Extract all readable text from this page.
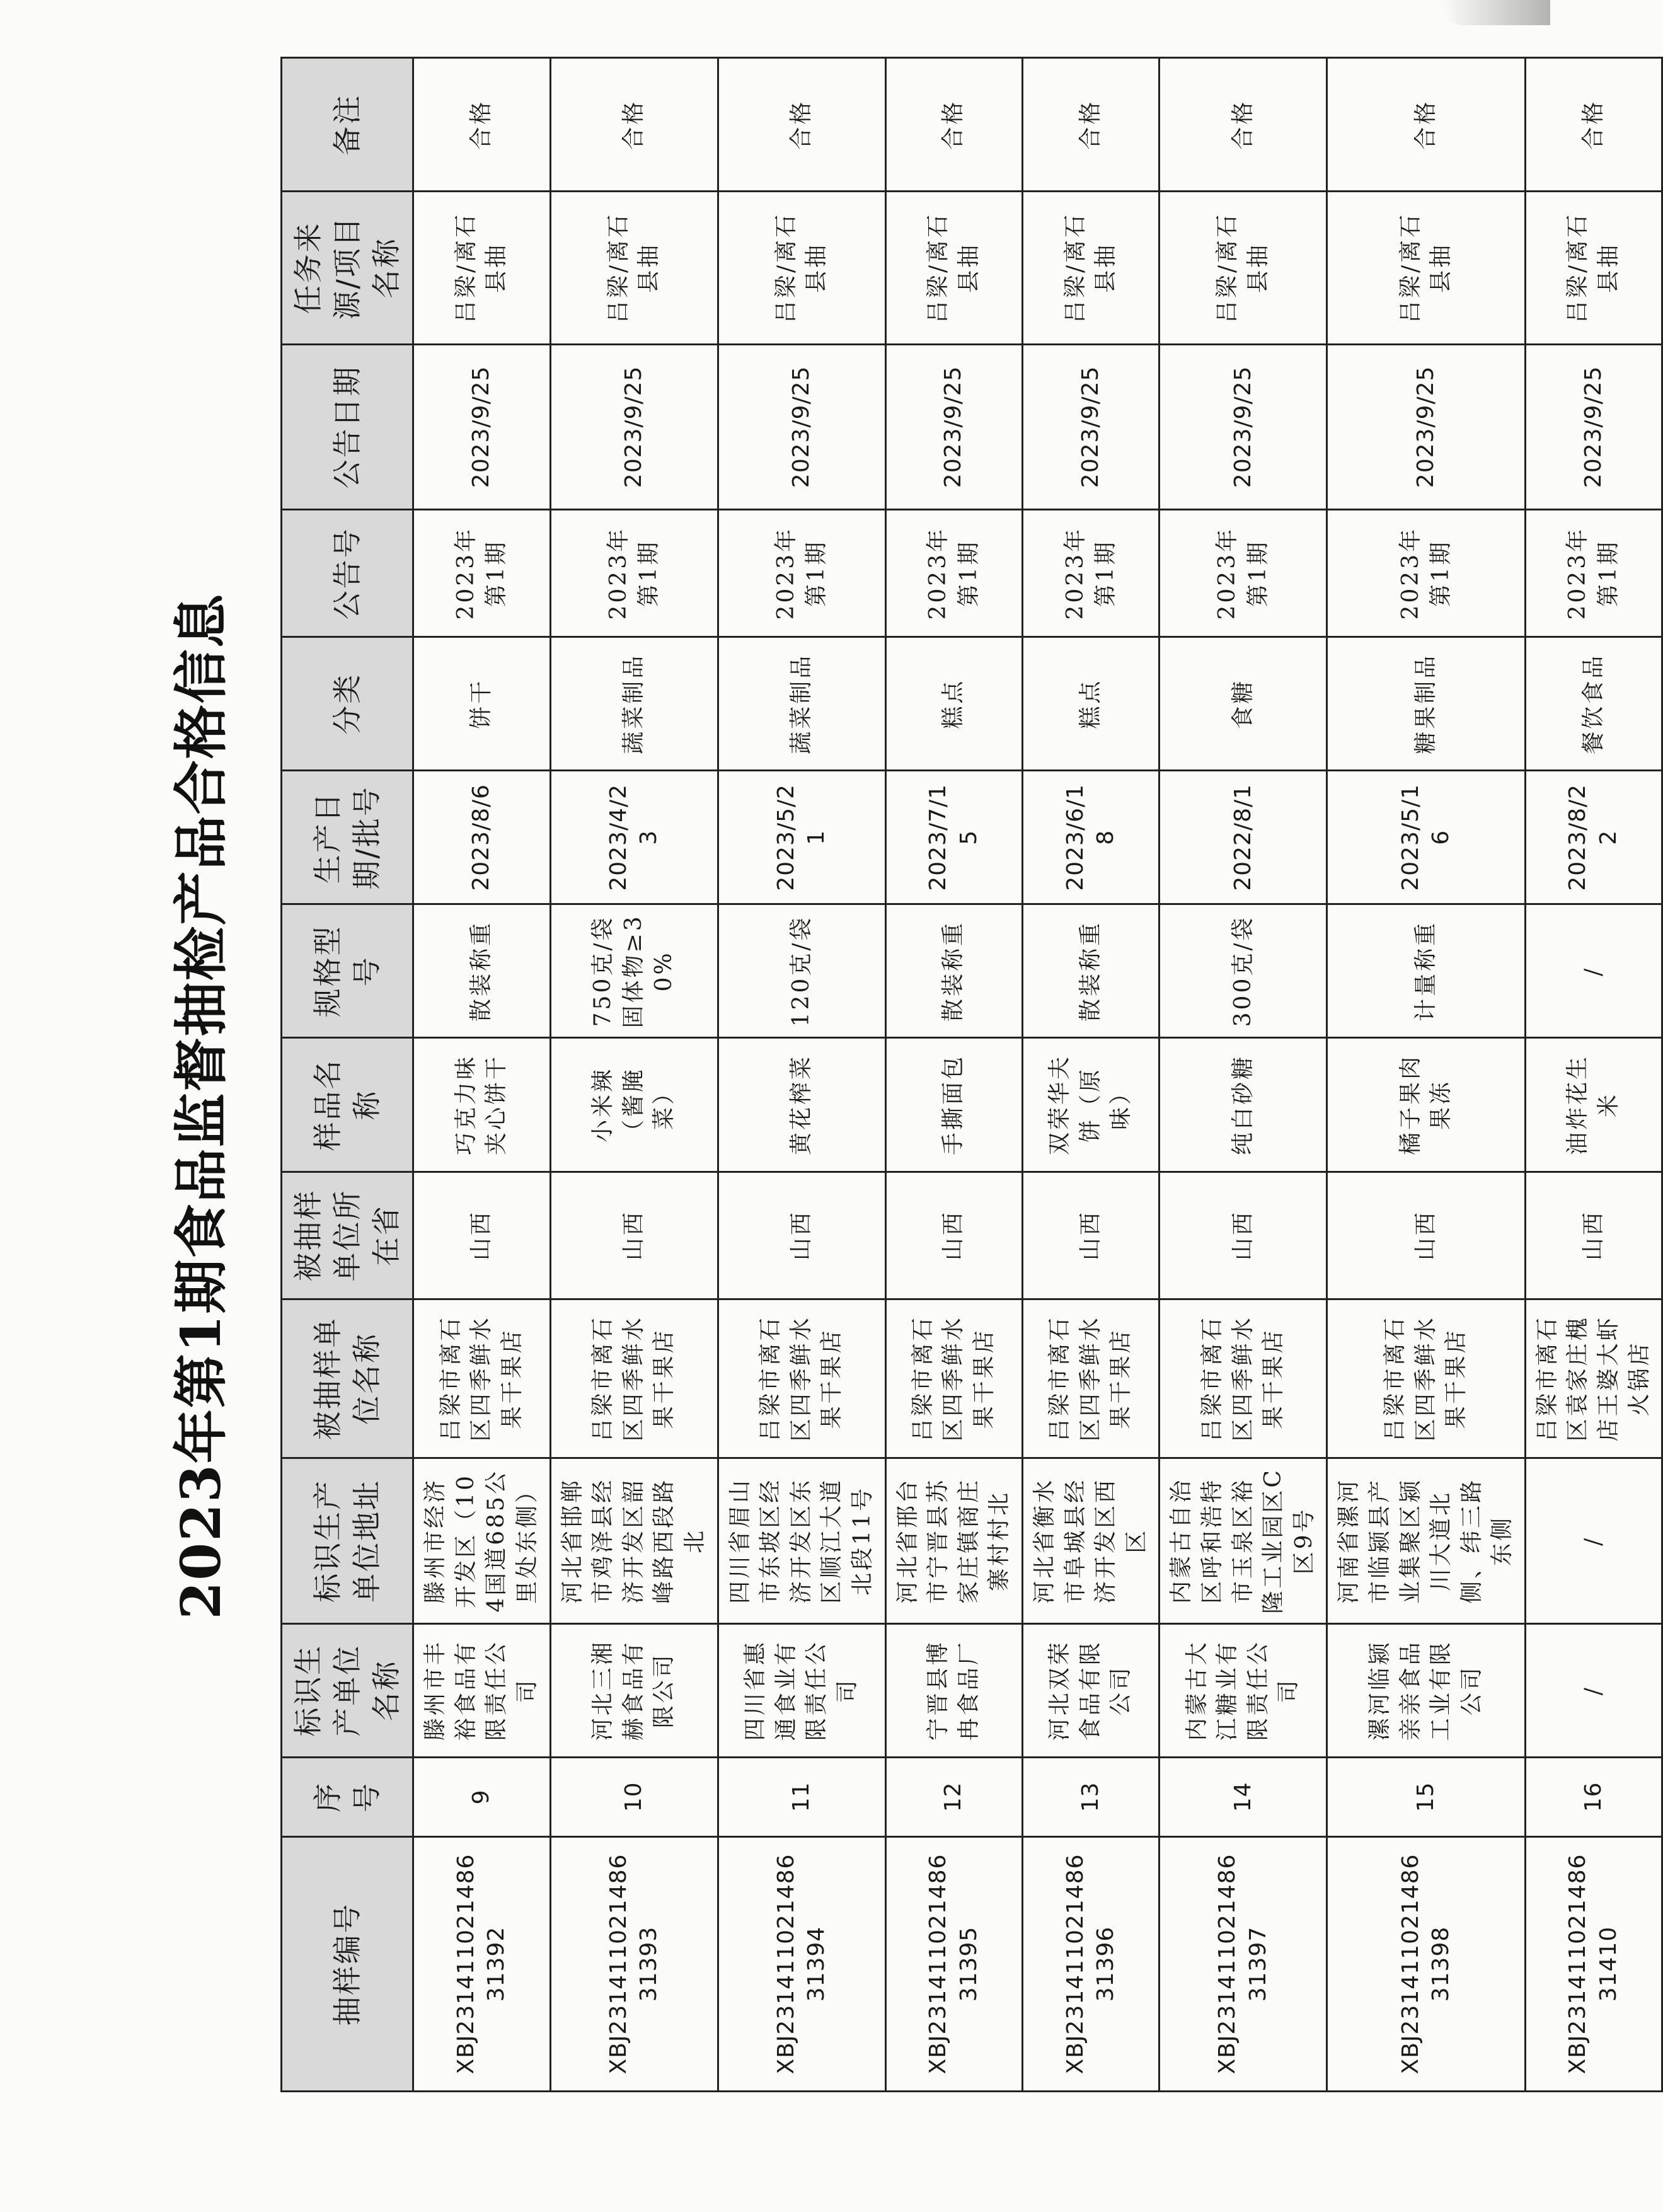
2023年第1期食品监督抽检产品合格信息
抽样编号	序号	标识生产单位名称	标识生产单位地址	被抽样单位名称	被抽样单位所在省	样品名称	规格型号	生产日期/批号	分类	公告号	公告日期	任务来源/项目名称	备注
XBJ23141102148631392	9	滕州市丰裕食品有限责任公司	滕州市经济开发区（104国道685公里处东侧）	吕梁市离石区四季鲜水果干果店	山西	巧克力味夹心饼干	散装称重	2023/8/6	饼干	2023年第1期	2023/9/25	吕梁/离石县抽	合格
XBJ23141102148631393	10	河北三湘赫食品有限公司	河北省邯郸市鸡泽县经济开发区韶峰路西段路北	吕梁市离石区四季鲜水果干果店	山西	小米辣（酱腌菜）	750克/袋 固体物≥30%	2023/4/23	蔬菜制品	2023年第1期	2023/9/25	吕梁/离石县抽	合格
XBJ23141102148631394	11	四川省惠通食业有限责任公司	四川省眉山市东坡区经济开发区东区顺江大道北段11号	吕梁市离石区四季鲜水果干果店	山西	黄花榨菜	120克/袋	2023/5/21	蔬菜制品	2023年第1期	2023/9/25	吕梁/离石县抽	合格
XBJ23141102148631395	12	宁晋县博冉食品厂	河北省邢台市宁晋县苏家庄镇商庄寨村村北	吕梁市离石区四季鲜水果干果店	山西	手撕面包	散装称重	2023/7/15	糕点	2023年第1期	2023/9/25	吕梁/离石县抽	合格
XBJ23141102148631396	13	河北双荣食品有限公司	河北省衡水市阜城县经济开发区西区	吕梁市离石区四季鲜水果干果店	山西	双荣华夫饼（原味）	散装称重	2023/6/18	糕点	2023年第1期	2023/9/25	吕梁/离石县抽	合格
XBJ23141102148631397	14	内蒙古大江糖业有限责任公司	内蒙古自治区呼和浩特市玉泉区裕隆工业园区C区9号	吕梁市离石区四季鲜水果干果店	山西	纯白砂糖	300克/袋	2022/8/1	食糖	2023年第1期	2023/9/25	吕梁/离石县抽	合格
XBJ23141102148631398	15	漯河临颍亲亲食品工业有限公司	河南省漯河市临颍县产业集聚区颍川大道北侧、纬三路东侧	吕梁市离石区四季鲜水果干果店	山西	橘子果肉果冻	计量称重	2023/5/16	糖果制品	2023年第1期	2023/9/25	吕梁/离石县抽	合格
XBJ23141102148631410	16	/	/	吕梁市离石区袁家庄槐店王婆大虾火锅店	山西	油炸花生米	/	2023/8/22	餐饮食品	2023年第1期	2023/9/25	吕梁/离石县抽	合格
